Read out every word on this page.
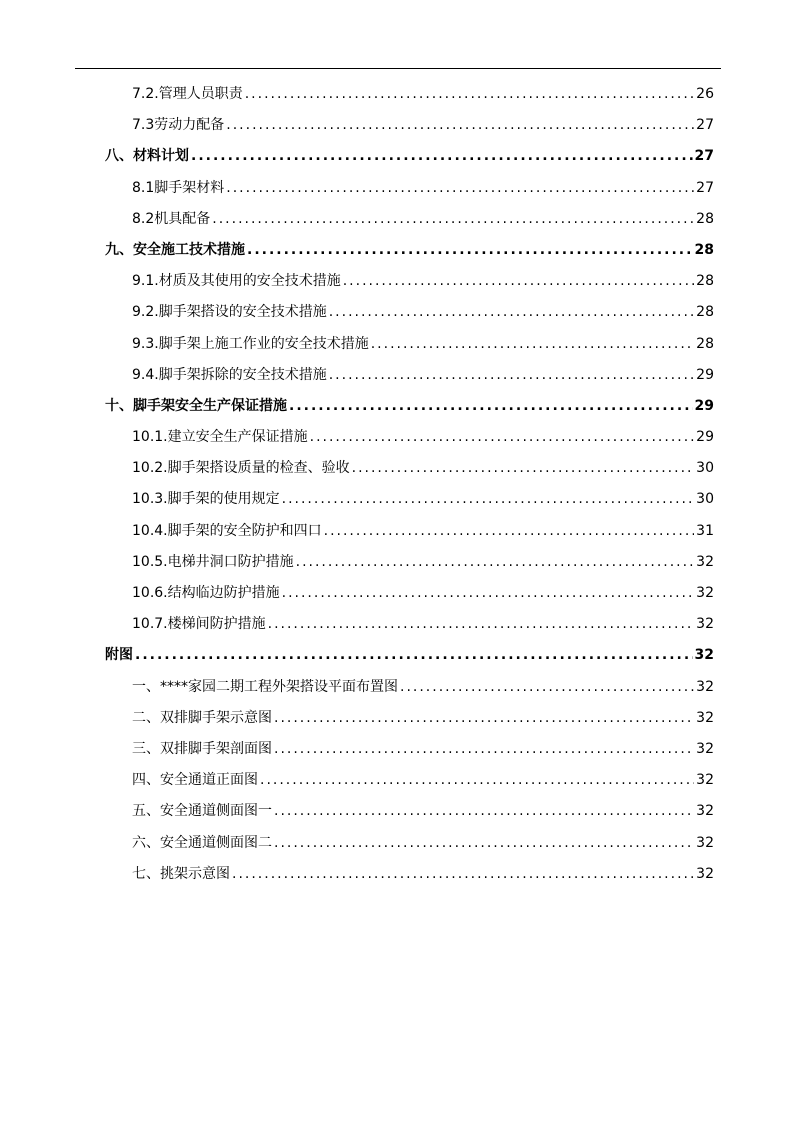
7.2.管理人员职责 .....	26
7.3劳动力配备 .....	27
八、材料计划 .....	27
8.1脚手架材料 .....	27
8.2机具配备 .....	28
九、安全施工技术措施 .....	28
9.1.材质及其使用的安全技术措施 .....	28
9.2.脚手架搭设的安全技术措施 .....	28
9.3.脚手架上施工作业的安全技术措施 .....	28
9.4.脚手架拆除的安全技术措施 .....	29
十、脚手架安全生产保证措施 .....	29
10.1.建立安全生产保证措施 .....	29
10.2.脚手架搭设质量的检查、验收 .....	30
10.3.脚手架的使用规定 .....	30
10.4.脚手架的安全防护和四口 .....	31
10.5.电梯井洞口防护措施 .....	32
10.6.结构临边防护措施 .....	32
10.7.楼梯间防护措施 .....	32
附图 .....	32
一、****家园二期工程外架搭设平面布置图 .....	32
二、双排脚手架示意图 .....	32
三、双排脚手架剖面图 .....	32
四、安全通道正面图 .....	32
五、安全通道侧面图一 .....	32
六、安全通道侧面图二 .....	32
七、挑架示意图 .....	32
